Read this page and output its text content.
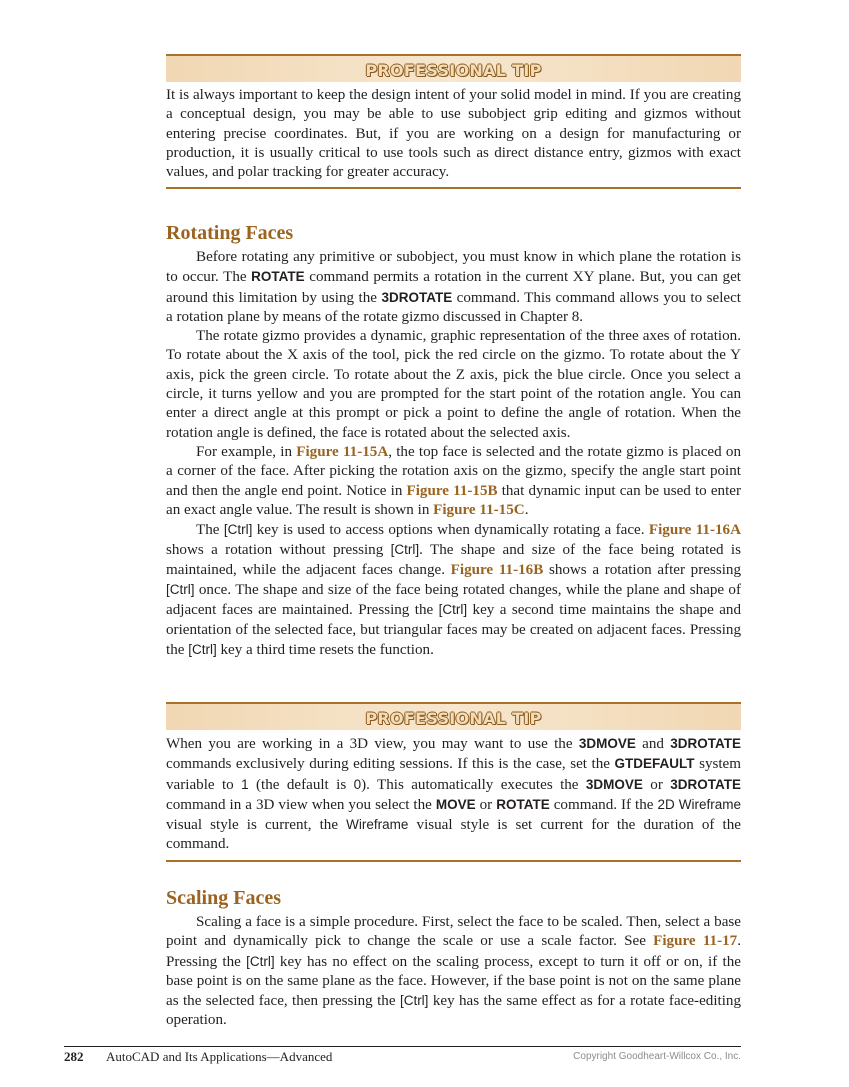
PROFESSIONAL TIP

It is always important to keep the design intent of your solid model in mind. If you are creating a conceptual design, you may be able to use subobject grip editing and gizmos without entering precise coordinates. But, if you are working on a design for manufacturing or production, it is usually critical to use tools such as direct distance entry, gizmos with exact values, and polar tracking for greater accuracy.

Rotating Faces

Before rotating any primitive or subobject, you must know in which plane the rotation is to occur. The ROTATE command permits a rotation in the current XY plane. But, you can get around this limitation by using the 3DROTATE command. This command allows you to select a rotation plane by means of the rotate gizmo discussed in Chapter 8.

The rotate gizmo provides a dynamic, graphic representation of the three axes of rotation. To rotate about the X axis of the tool, pick the red circle on the gizmo. To rotate about the Y axis, pick the green circle. To rotate about the Z axis, pick the blue circle. Once you select a circle, it turns yellow and you are prompted for the start point of the rotation angle. You can enter a direct angle at this prompt or pick a point to define the angle of rotation. When the rotation angle is defined, the face is rotated about the selected axis.

For example, in Figure 11-15A, the top face is selected and the rotate gizmo is placed on a corner of the face. After picking the rotation axis on the gizmo, specify the angle start point and then the angle end point. Notice in Figure 11-15B that dynamic input can be used to enter an exact angle value. The result is shown in Figure 11-15C.

The [Ctrl] key is used to access options when dynamically rotating a face. Figure 11-16A shows a rotation without pressing [Ctrl]. The shape and size of the face being rotated is maintained, while the adjacent faces change. Figure 11-16B shows a rotation after pressing [Ctrl] once. The shape and size of the face being rotated changes, while the plane and shape of adjacent faces are maintained. Pressing the [Ctrl] key a second time maintains the shape and orientation of the selected face, but triangular faces may be created on adjacent faces. Pressing the [Ctrl] key a third time resets the function.

PROFESSIONAL TIP

When you are working in a 3D view, you may want to use the 3DMOVE and 3DROTATE commands exclusively during editing sessions. If this is the case, set the GTDEFAULT system variable to 1 (the default is 0). This automatically executes the 3DMOVE or 3DROTATE command in a 3D view when you select the MOVE or ROTATE command. If the 2D Wireframe visual style is current, the Wireframe visual style is set current for the duration of the command.

Scaling Faces

Scaling a face is a simple procedure. First, select the face to be scaled. Then, select a base point and dynamically pick to change the scale or use a scale factor. See Figure 11-17. Pressing the [Ctrl] key has no effect on the scaling process, except to turn it off or on, if the base point is on the same plane as the face. However, if the base point is not on the same plane as the selected face, then pressing the [Ctrl] key has the same effect as for a rotate face-editing operation.

282 AutoCAD and Its Applications—Advanced	Copyright Goodheart-Willcox Co., Inc.
